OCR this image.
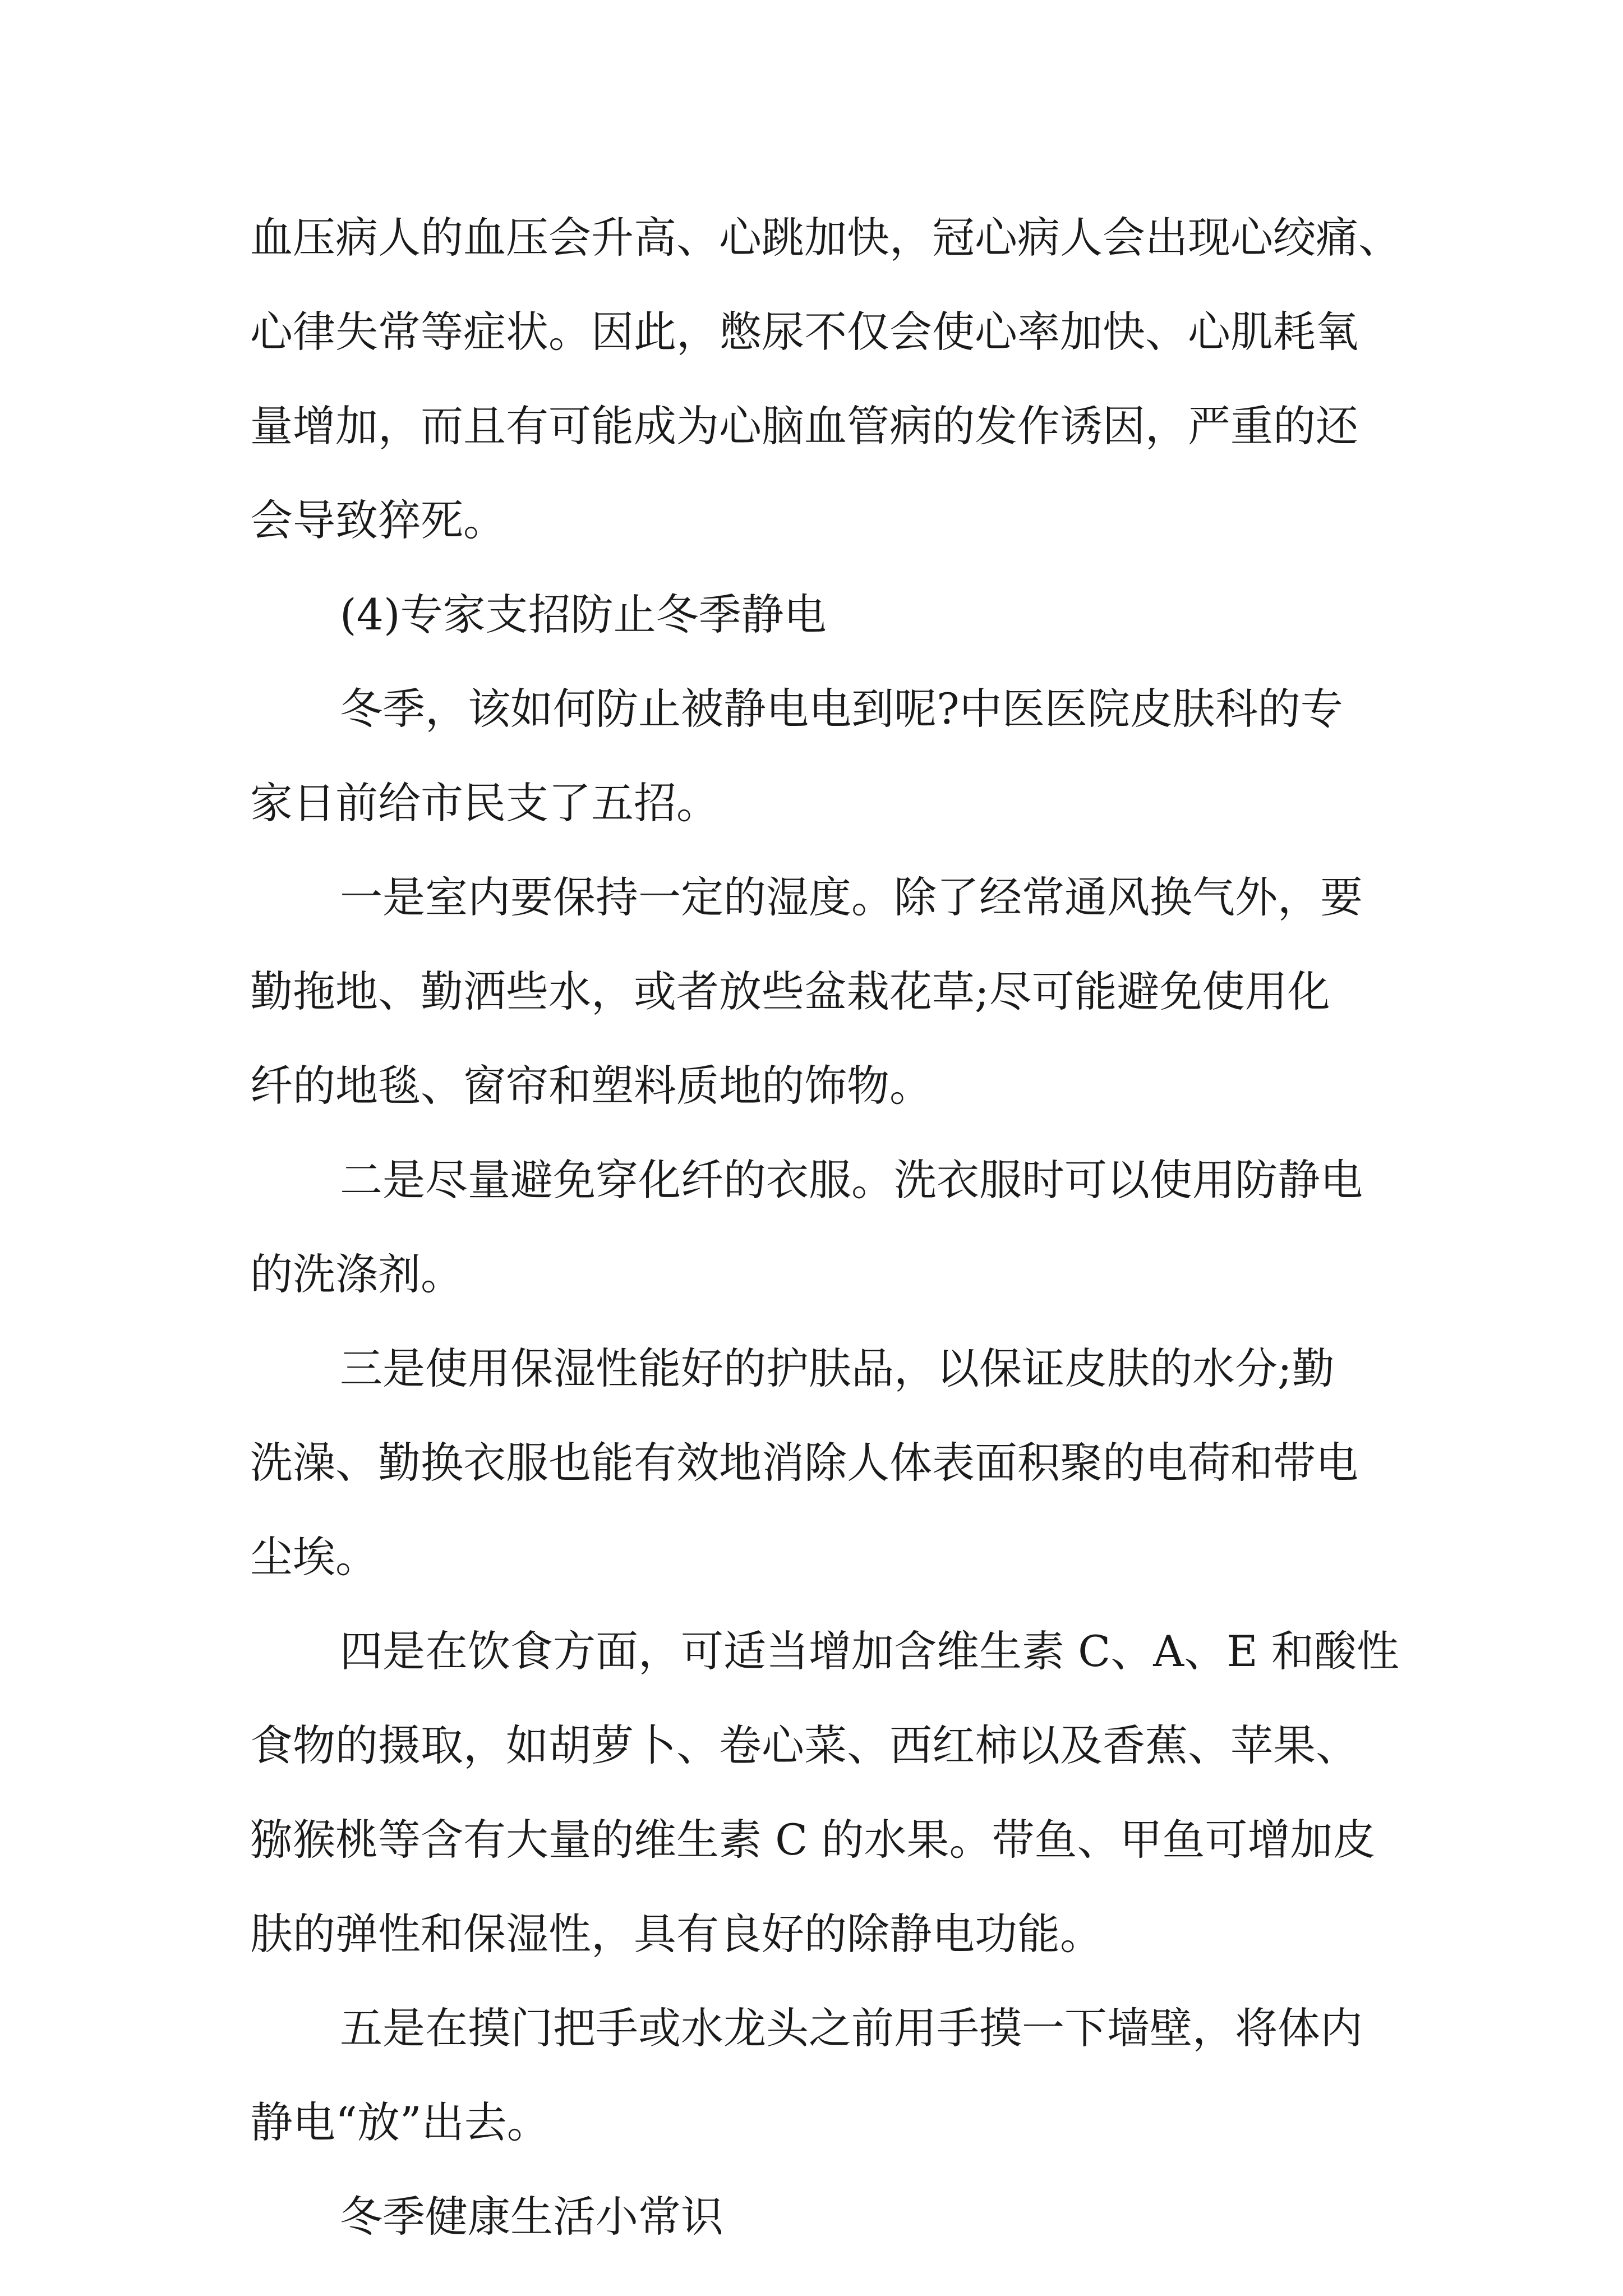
血压病人的血压会升高、心跳加快，冠心病人会出现心绞痛、

心律失常等症状。因此，憋尿不仅会使心率加快、心肌耗氧

量增加，而且有可能成为心脑血管病的发作诱因，严重的还

会导致猝死。

(4)专家支招防止冬季静电

冬季，该如何防止被静电电到呢?中医医院皮肤科的专

家日前给市民支了五招。

一是室内要保持一定的湿度。除了经常通风换气外，要

勤拖地、勤洒些水，或者放些盆栽花草;尽可能避免使用化

纤的地毯、窗帘和塑料质地的饰物。

二是尽量避免穿化纤的衣服。洗衣服时可以使用防静电

的洗涤剂。

三是使用保湿性能好的护肤品，以保证皮肤的水分;勤

洗澡、勤换衣服也能有效地消除人体表面积聚的电荷和带电

尘埃。

四是在饮食方面，可适当增加含维生素 C、A、E 和酸性

食物的摄取，如胡萝卜、卷心菜、西红柿以及香蕉、苹果、

猕猴桃等含有大量的维生素 C 的水果。带鱼、甲鱼可增加皮

肤的弹性和保湿性，具有良好的除静电功能。

五是在摸门把手或水龙头之前用手摸一下墙壁，将体内

静电“放”出去。

冬季健康生活小常识
